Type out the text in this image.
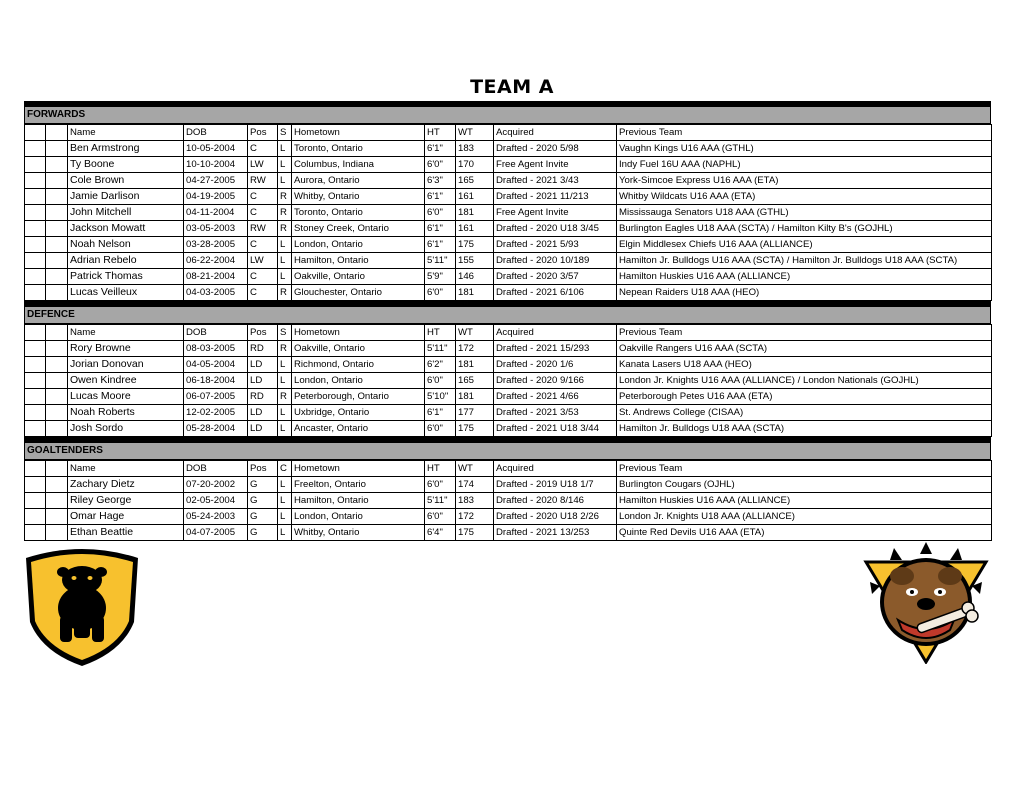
TEAM A
FORWARDS
		Name	DOB	Pos	S	Hometown	HT	WT	Acquired	Previous Team
		Ben Armstrong	10-05-2004	C	L	Toronto, Ontario	6'1"	183	Drafted - 2020 5/98	Vaughn Kings U16 AAA (GTHL)
		Ty Boone	10-10-2004	LW	L	Columbus, Indiana	6'0"	170	Free Agent Invite	Indy Fuel 16U AAA (NAPHL)
		Cole Brown	04-27-2005	RW	L	Aurora, Ontario	6'3"	165	Drafted - 2021 3/43	York-Simcoe Express U16 AAA (ETA)
		Jamie Darlison	04-19-2005	C	R	Whitby, Ontario	6'1"	161	Drafted - 2021 11/213	Whitby Wildcats U16 AAA (ETA)
		John Mitchell	04-11-2004	C	R	Toronto, Ontario	6'0"	181	Free Agent Invite	Mississauga Senators U18 AAA (GTHL)
		Jackson Mowatt	03-05-2003	RW	R	Stoney Creek, Ontario	6'1"	161	Drafted - 2020 U18 3/45	Burlington Eagles U18 AAA (SCTA) / Hamilton Kilty B's (GOJHL)
		Noah Nelson	03-28-2005	C	L	London, Ontario	6'1"	175	Drafted - 2021 5/93	Elgin Middlesex Chiefs U16 AAA (ALLIANCE)
		Adrian Rebelo	06-22-2004	LW	L	Hamilton, Ontario	5'11"	155	Drafted - 2020 10/189	Hamilton Jr. Bulldogs U16 AAA (SCTA) / Hamilton Jr. Bulldogs U18 AAA (SCTA)
		Patrick Thomas	08-21-2004	C	L	Oakville, Ontario	5'9"	146	Drafted - 2020 3/57	Hamilton Huskies U16 AAA (ALLIANCE)
		Lucas Veilleux	04-03-2005	C	R	Glouchester, Ontario	6'0"	181	Drafted - 2021 6/106	Nepean Raiders U18 AAA (HEO)
DEFENCE
		Name	DOB	Pos	S	Hometown	HT	WT	Acquired	Previous Team
		Rory Browne	08-03-2005	RD	R	Oakville, Ontario	5'11"	172	Drafted - 2021 15/293	Oakville Rangers U16 AAA (SCTA)
		Jorian Donovan	04-05-2004	LD	L	Richmond, Ontario	6'2"	181	Drafted - 2020 1/6	Kanata Lasers U18 AAA (HEO)
		Owen Kindree	06-18-2004	LD	L	London, Ontario	6'0"	165	Drafted - 2020 9/166	London Jr. Knights U16 AAA (ALLIANCE) / London Nationals (GOJHL)
		Lucas Moore	06-07-2005	RD	R	Peterborough, Ontario	5'10"	181	Drafted - 2021 4/66	Peterborough Petes U16 AAA (ETA)
		Noah Roberts	12-02-2005	LD	L	Uxbridge, Ontario	6'1"	177	Drafted - 2021 3/53	St. Andrews College (CISAA)
		Josh Sordo	05-28-2004	LD	L	Ancaster, Ontario	6'0"	175	Drafted - 2021 U18 3/44	Hamilton Jr. Bulldogs U18 AAA (SCTA)
GOALTENDERS
		Name	DOB	Pos	C	Hometown	HT	WT	Acquired	Previous Team
		Zachary Dietz	07-20-2002	G	L	Freelton, Ontario	6'0"	174	Drafted - 2019 U18 1/7	Burlington Cougars (OJHL)
		Riley George	02-05-2004	G	L	Hamilton, Ontario	5'11"	183	Drafted - 2020 8/146	Hamilton Huskies U16 AAA (ALLIANCE)
		Omar Hage	05-24-2003	G	L	London, Ontario	6'0"	172	Drafted - 2020 U18 2/26	London Jr. Knights U18 AAA (ALLIANCE)
		Ethan Beattie	04-07-2005	G	L	Whitby, Ontario	6'4"	175	Drafted - 2021 13/253	Quinte Red Devils U16 AAA (ETA)
